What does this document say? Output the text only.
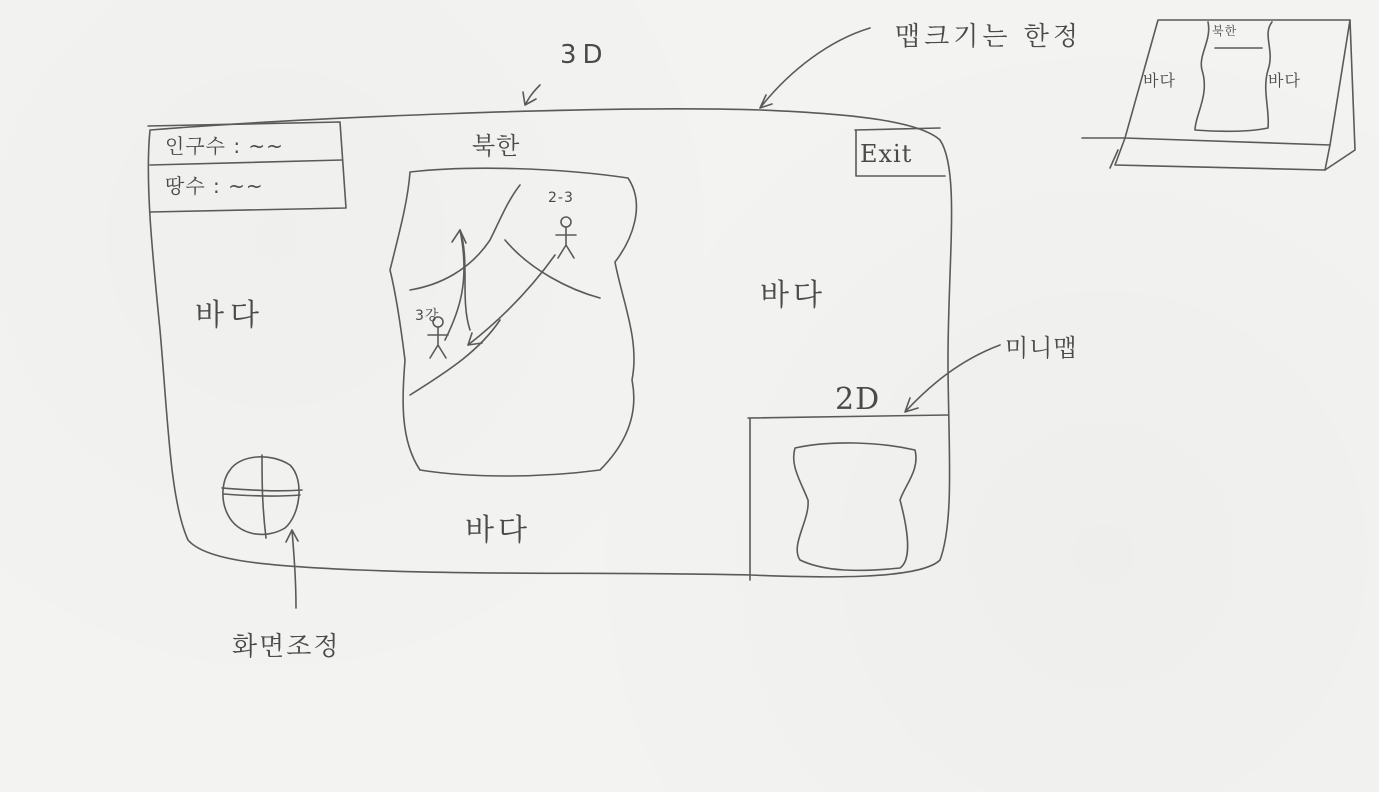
3D
맵크기는 한정
북한	Exit
인구수 : ~~
땅수 : ~~
바다
바다
바다
미니맵
2D
화면조정
2-3
3강
바다
북한
바다
